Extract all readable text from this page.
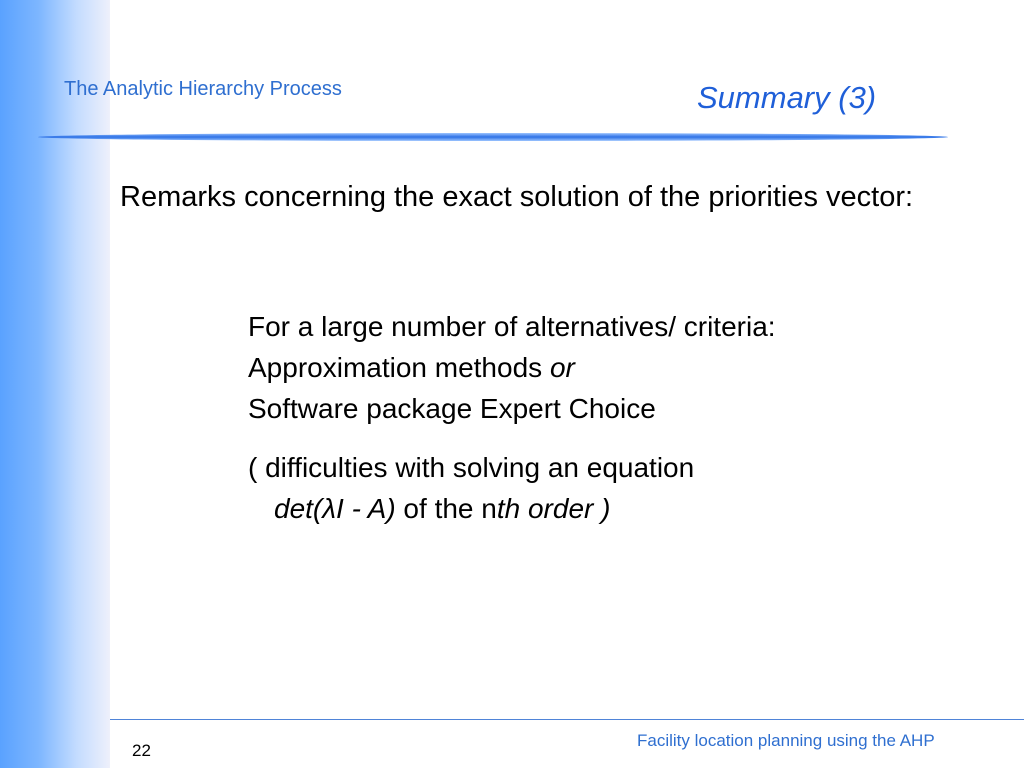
The Analytic Hierarchy Process	Summary (3)
Remarks concerning the exact solution of the priorities vector:
For a large number of alternatives/ criteria:
Approximation methods or
Software package Expert Choice
( difficulties with solving an equation
det(λI - A) of the nth order )
22
Facility location planning using the AHP
